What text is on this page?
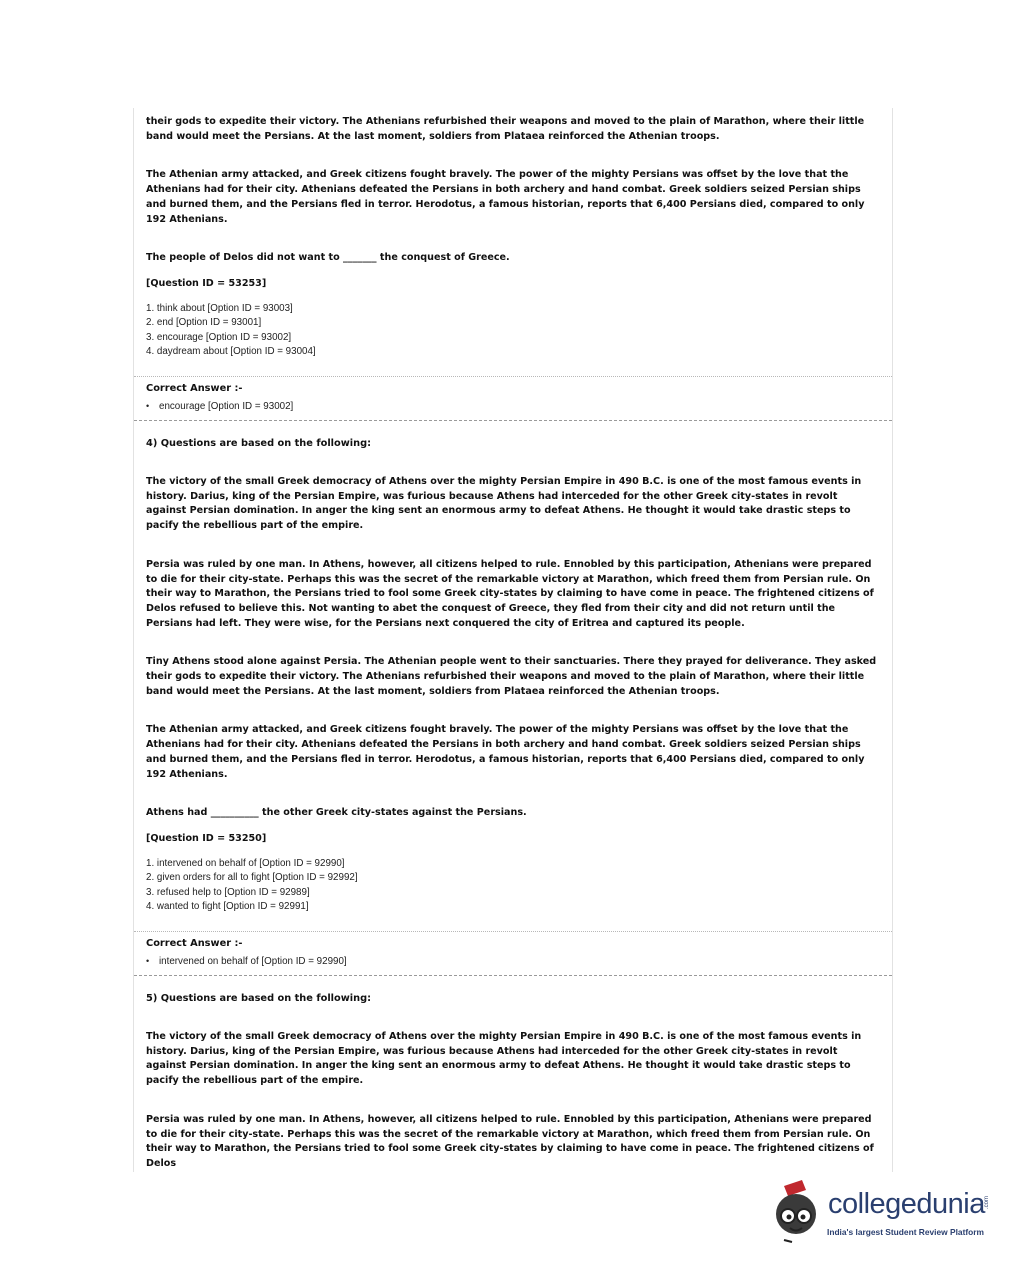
their gods to expedite their victory. The Athenians refurbished their weapons and moved to the plain of Marathon, where their little band would meet the Persians. At the last moment, soldiers from Plataea reinforced the Athenian troops.

The Athenian army attacked, and Greek citizens fought bravely. The power of the mighty Persians was offset by the love that the Athenians had for their city. Athenians defeated the Persians in both archery and hand combat. Greek soldiers seized Persian ships and burned them, and the Persians fled in terror. Herodotus, a famous historian, reports that 6,400 Persians died, compared to only 192 Athenians.

The people of Delos did not want to _______ the conquest of Greece.

[Question ID = 53253]

1. think about [Option ID = 93003]
2. end [Option ID = 93001]
3. encourage [Option ID = 93002]
4. daydream about [Option ID = 93004]

Correct Answer :-

• encourage [Option ID = 93002]

4) Questions are based on the following:

The victory of the small Greek democracy of Athens over the mighty Persian Empire in 490 B.C. is one of the most famous events in history. Darius, king of the Persian Empire, was furious because Athens had interceded for the other Greek city-states in revolt against Persian domination. In anger the king sent an enormous army to defeat Athens. He thought it would take drastic steps to pacify the rebellious part of the empire.

Persia was ruled by one man. In Athens, however, all citizens helped to rule. Ennobled by this participation, Athenians were prepared to die for their city-state. Perhaps this was the secret of the remarkable victory at Marathon, which freed them from Persian rule. On their way to Marathon, the Persians tried to fool some Greek city-states by claiming to have come in peace. The frightened citizens of Delos refused to believe this. Not wanting to abet the conquest of Greece, they fled from their city and did not return until the Persians had left. They were wise, for the Persians next conquered the city of Eritrea and captured its people.

Tiny Athens stood alone against Persia. The Athenian people went to their sanctuaries. There they prayed for deliverance. They asked their gods to expedite their victory. The Athenians refurbished their weapons and moved to the plain of Marathon, where their little band would meet the Persians. At the last moment, soldiers from Plataea reinforced the Athenian troops.

The Athenian army attacked, and Greek citizens fought bravely. The power of the mighty Persians was offset by the love that the Athenians had for their city. Athenians defeated the Persians in both archery and hand combat. Greek soldiers seized Persian ships and burned them, and the Persians fled in terror. Herodotus, a famous historian, reports that 6,400 Persians died, compared to only 192 Athenians.

Athens had __________ the other Greek city-states against the Persians.

[Question ID = 53250]

1. intervened on behalf of [Option ID = 92990]
2. given orders for all to fight [Option ID = 92992]
3. refused help to [Option ID = 92989]
4. wanted to fight [Option ID = 92991]

Correct Answer :-

• intervened on behalf of [Option ID = 92990]

5) Questions are based on the following:

The victory of the small Greek democracy of Athens over the mighty Persian Empire in 490 B.C. is one of the most famous events in history. Darius, king of the Persian Empire, was furious because Athens had interceded for the other Greek city-states in revolt against Persian domination. In anger the king sent an enormous army to defeat Athens. He thought it would take drastic steps to pacify the rebellious part of the empire.

Persia was ruled by one man. In Athens, however, all citizens helped to rule. Ennobled by this participation, Athenians were prepared to die for their city-state. Perhaps this was the secret of the remarkable victory at Marathon, which freed them from Persian rule. On their way to Marathon, the Persians tried to fool some Greek city-states by claiming to have come in peace. The frightened citizens of Delos

collegedunia .com
India's largest Student Review Platform
